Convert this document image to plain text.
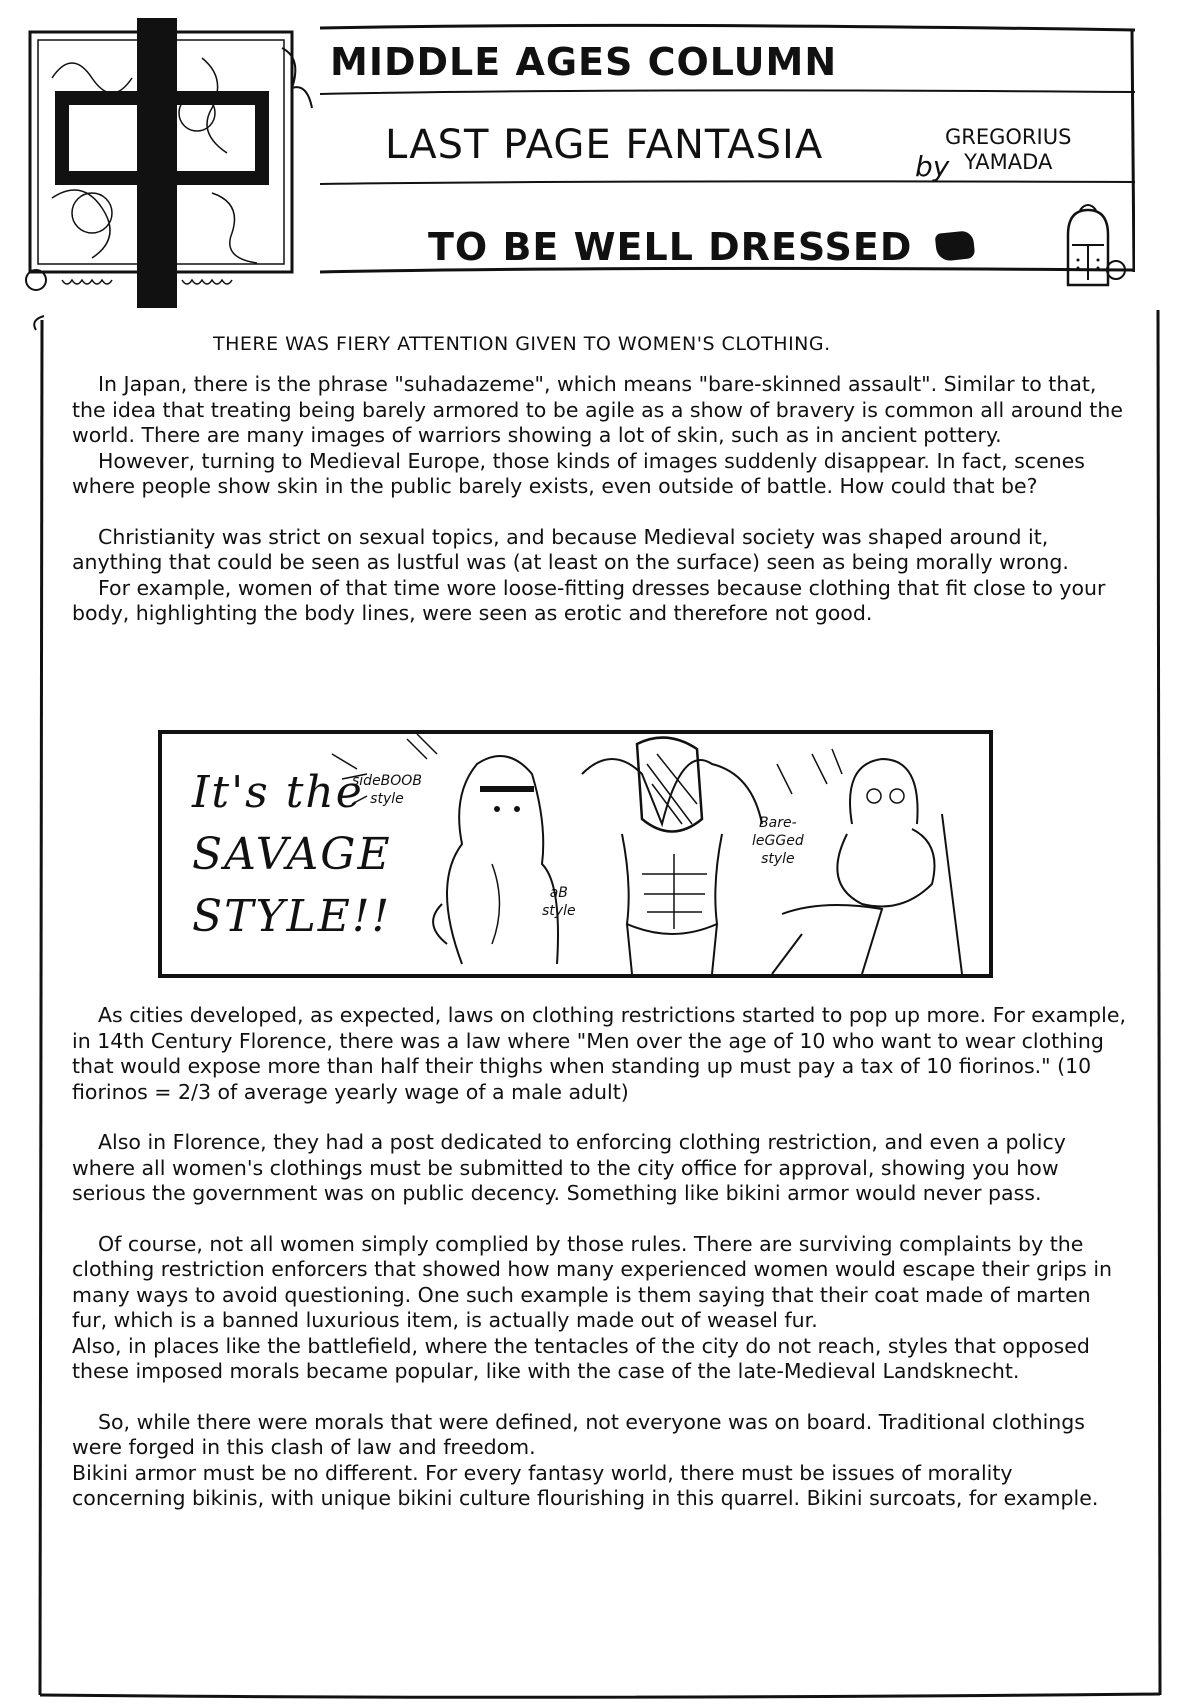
MIDDLE AGES COLUMN
LAST PAGE FANTASIA	by
GREGORIUS
YAMADA
TO BE WELL DRESSED
THERE WAS FIERY ATTENTION GIVEN TO WOMEN'S CLOTHING.

In Japan, there is the phrase "suhadazeme", which means "bare-skinned assault". Similar to that, the idea that treating being barely armored to be agile as a show of bravery is common all around the world. There are many images of warriors showing a lot of skin, such as in ancient pottery.

However, turning to Medieval Europe, those kinds of images suddenly disappear. In fact, scenes where people show skin in the public barely exists, even outside of battle. How could that be?

Christianity was strict on sexual topics, and because Medieval society was shaped around it, anything that could be seen as lustful was (at least on the surface) seen as being morally wrong.

For example, women of that time wore loose-fitting dresses because clothing that fit close to your body, highlighting the body lines, were seen as erotic and therefore not good.

It's the
SAVAGE
STYLE!!
sideBOOB
style
aB
style
Bare-
leGGed
style

As cities developed, as expected, laws on clothing restrictions started to pop up more. For example, in 14th Century Florence, there was a law where "Men over the age of 10 who want to wear clothing that would expose more than half their thighs when standing up must pay a tax of 10 fiorinos." (10 fiorinos = 2/3 of average yearly wage of a male adult)

Also in Florence, they had a post dedicated to enforcing clothing restriction, and even a policy where all women's clothings must be submitted to the city office for approval, showing you how serious the government was on public decency. Something like bikini armor would never pass.

Of course, not all women simply complied by those rules. There are surviving complaints by the clothing restriction enforcers that showed how many experienced women would escape their grips in many ways to avoid questioning. One such example is them saying that their coat made of marten fur, which is a banned luxurious item, is actually made out of weasel fur.

Also, in places like the battlefield, where the tentacles of the city do not reach, styles that opposed these imposed morals became popular, like with the case of the late-Medieval Landsknecht.

So, while there were morals that were defined, not everyone was on board. Traditional clothings were forged in this clash of law and freedom.

Bikini armor must be no different. For every fantasy world, there must be issues of morality concerning bikinis, with unique bikini culture flourishing in this quarrel. Bikini surcoats, for example.
